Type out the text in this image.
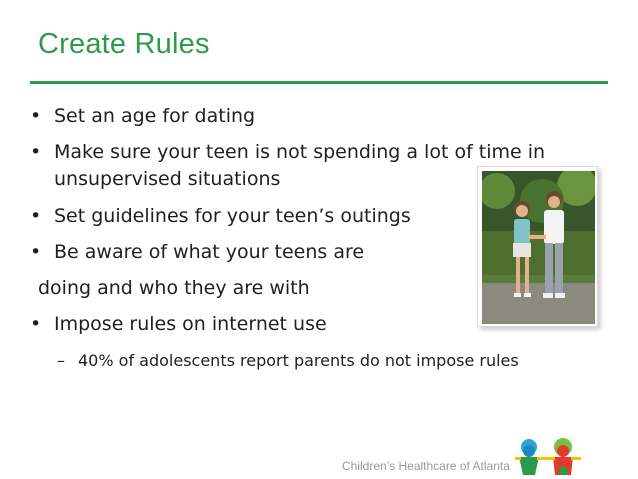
Create Rules
• Set an age for dating
• Make sure your teen is not spending a lot of time in
unsupervised situations
• Set guidelines for your teen’s outings
• Be aware of what your teens are
doing and who they are with
• Impose rules on internet use
– 40% of adolescents report parents do not impose rules
Children’s Healthcare of Atlanta
